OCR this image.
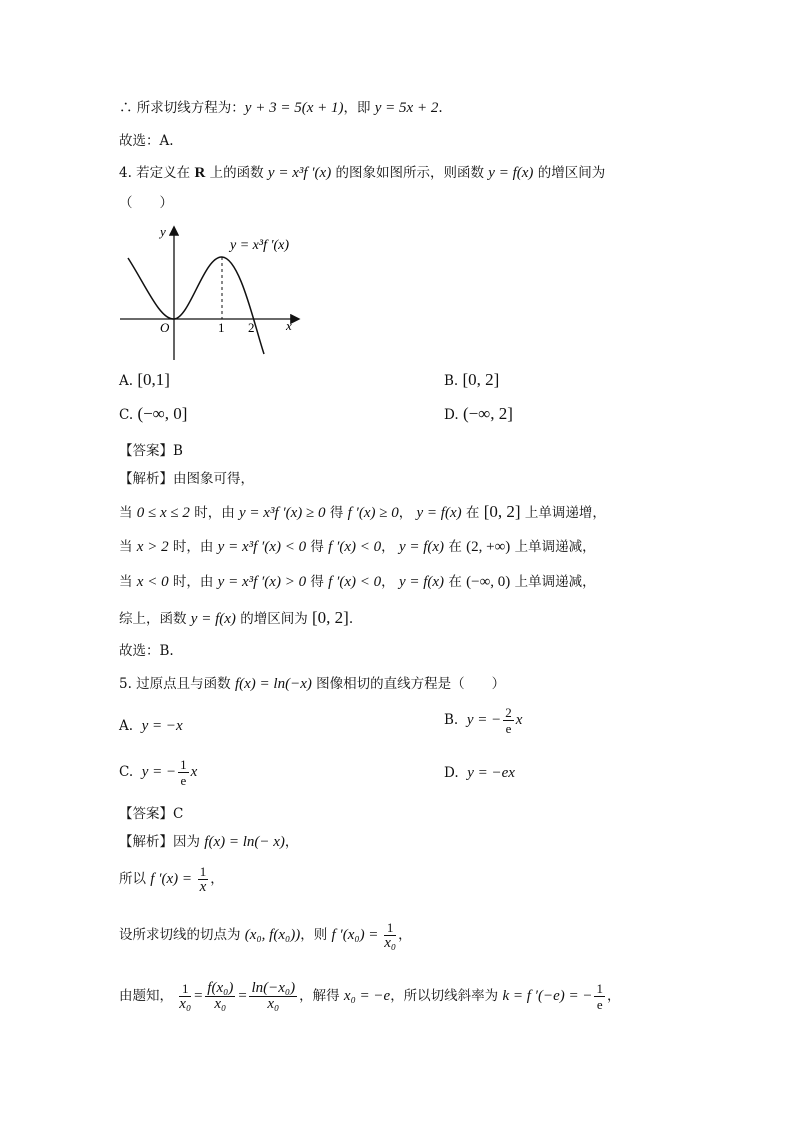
∴ 所求切线方程为：y + 3 = 5(x + 1)，即 y = 5x + 2.
故选：A.
4. 若定义在 R 上的函数 y = x³f ′(x) 的图象如图所示，则函数 y = f(x) 的增区间为
（　　）
y = x³f ′(x)
y
x
O	1 2
A. [0,1]	B. [0, 2]
C. (−∞, 0]	D. (−∞, 2]
【答案】B
【解析】由图象可得，
当 0 ≤ x ≤ 2 时，由 y = x³f ′(x) ≥ 0 得 f ′(x) ≥ 0， y = f(x) 在 [0, 2] 上单调递增，
当 x > 2 时，由 y = x³f ′(x) < 0 得 f ′(x) < 0， y = f(x) 在 (2, +∞) 上单调递减，
当 x < 0 时，由 y = x³f ′(x) > 0 得 f ′(x) < 0， y = f(x) 在 (−∞, 0) 上单调递减，
综上，函数 y = f(x) 的增区间为 [0, 2].
故选：B.
5. 过原点且与函数 f(x) = ln(−x) 图像相切的直线方程是（　　）
A. y = −x	B. y = − $\frac{2}{e}$ x
C. y = − $\frac{1}{e}$ x	D. y = −ex
【答案】C
【解析】因为 f(x) = ln(− x)，
所以 f $'(x) = \frac{1}{x}$ ，
设所求切线的切点为 (x₀, f(x₀))，则 f $'(x_0) = \frac{1}{\text{x₀}}$ ，
由题知， $\frac{1}{\text{x₀}} = \frac{\text{f(x₀)}}{\text{x₀}} = \frac{\text{ln(−x₀)}}{\text{x₀}}$ ，解得 x₀ = −e，所以切线斜率为 k = f ′(−e) = − $\frac{1}{e}$ ，
